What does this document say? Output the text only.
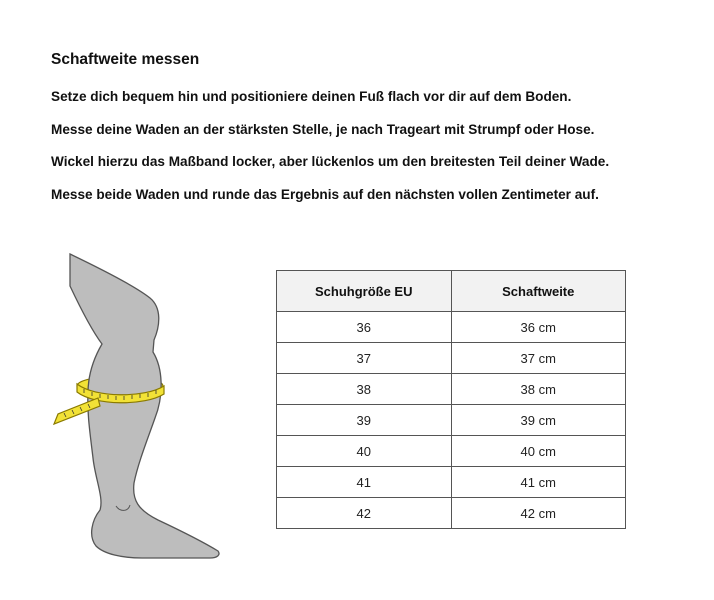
Schaftweite messen
Setze dich bequem hin und positioniere deinen Fuß flach vor dir auf dem Boden.
Messe deine Waden an der stärksten Stelle, je nach Trageart mit Strumpf oder Hose.
Wickel hierzu das Maßband locker, aber lückenlos um den breitesten Teil deiner Wade.
Messe beide Waden und runde das Ergebnis auf den nächsten vollen Zentimeter auf.
Schuhgröße EU	Schaftweite
36	36 cm
37	37 cm
38	38 cm
39	39 cm
40	40 cm
41	41 cm
42	42 cm
